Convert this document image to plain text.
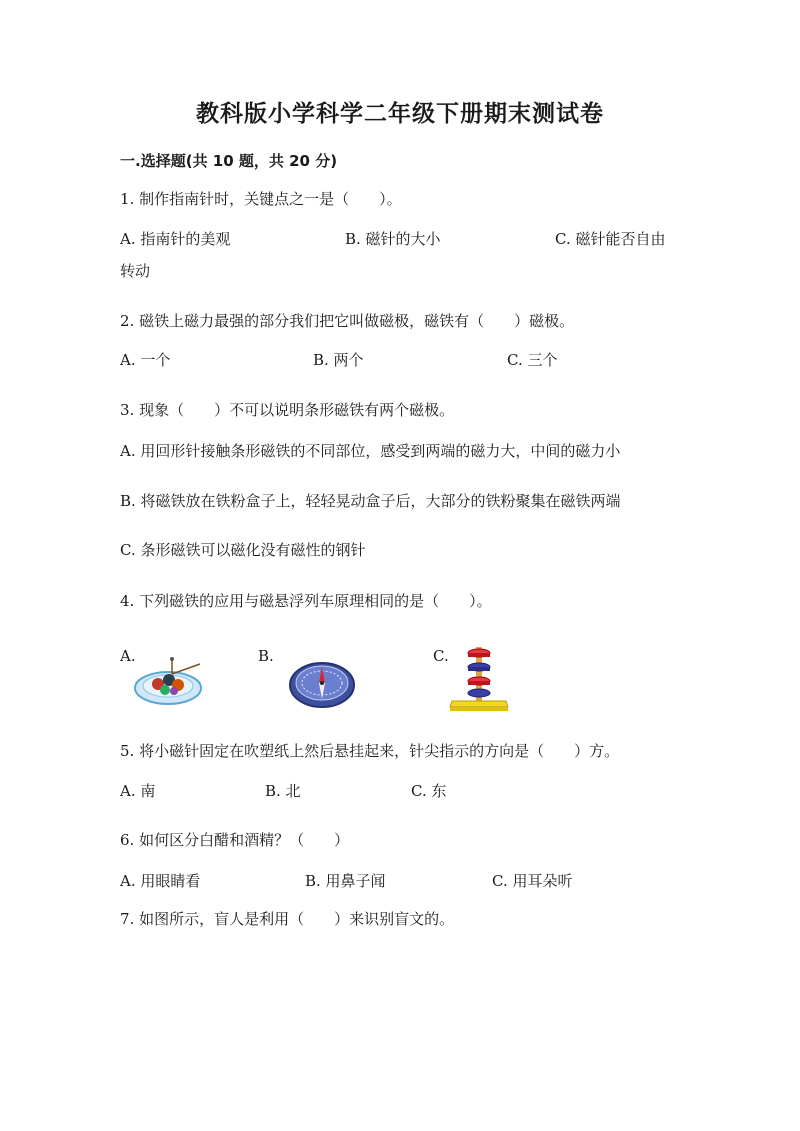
教科版小学科学二年级下册期末测试卷
一.选择题(共 10 题，共 20 分)
1. 制作指南针时，关键点之一是（　　）。
A. 指南针的美观	B. 磁针的大小	C. 磁针能否自由
转动
2. 磁铁上磁力最强的部分我们把它叫做磁极，磁铁有（　　）磁极。
A. 一个	B. 两个	C. 三个
3. 现象（　　）不可以说明条形磁铁有两个磁极。
A. 用回形针接触条形磁铁的不同部位，感受到两端的磁力大，中间的磁力小
B. 将磁铁放在铁粉盒子上，轻轻晃动盒子后，大部分的铁粉聚集在磁铁两端
C. 条形磁铁可以磁化没有磁性的钢针
4. 下列磁铁的应用与磁悬浮列车原理相同的是（　　）。
A.	B.	C.
5. 将小磁针固定在吹塑纸上然后悬挂起来，针尖指示的方向是（　　）方。
A. 南	B. 北	C. 东
6. 如何区分白醋和酒精？（　　）
A. 用眼睛看	B. 用鼻子闻	C. 用耳朵听
7. 如图所示，盲人是利用（　　）来识别盲文的。
